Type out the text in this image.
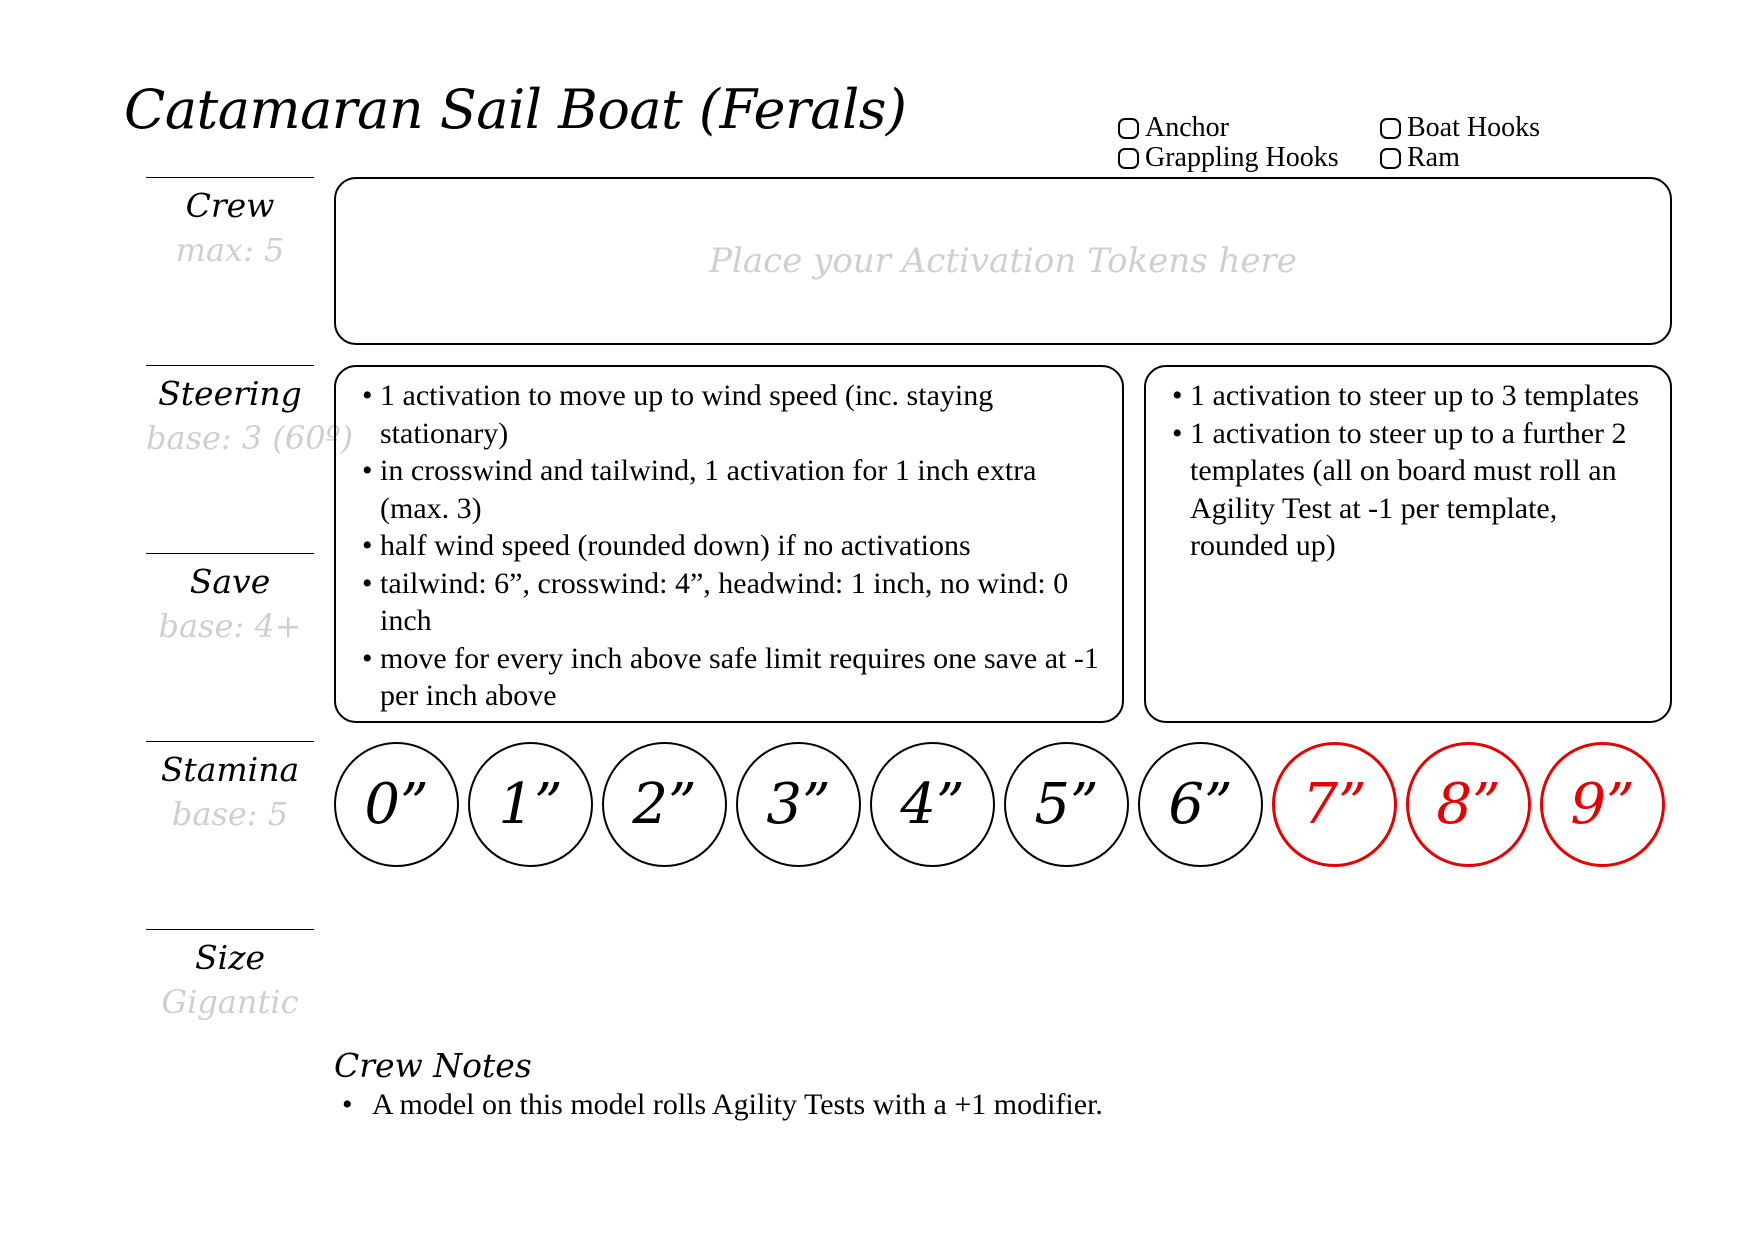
Catamaran Sail Boat (Ferals)	Anchor	Boat Hooks
Grappling Hooks Ram
Crew
max: 5
Steering
base: 3 (60º)
Save
base: 4+
Stamina
base: 5
Size
Gigantic
Place your Activation Tokens here
• 1 activation to move up to wind speed (inc. staying stationary)
• in crosswind and tailwind, 1 activation for 1 inch extra (max. 3)
• half wind speed (rounded down) if no activations
• tailwind: 6”, crosswind: 4”, headwind: 1 inch, no wind: 0 inch
• move for every inch above safe limit requires one save at -1 per inch above
• 1 activation to steer up to 3 templates
• 1 activation to steer up to a further 2 templates (all on board must roll an Agility Test at -1 per template, rounded up)
0”	1”	2”	3”	4”	5”	6”	7”	8”	9”
Crew Notes
• A model on this model rolls Agility Tests with a +1 modifier.
